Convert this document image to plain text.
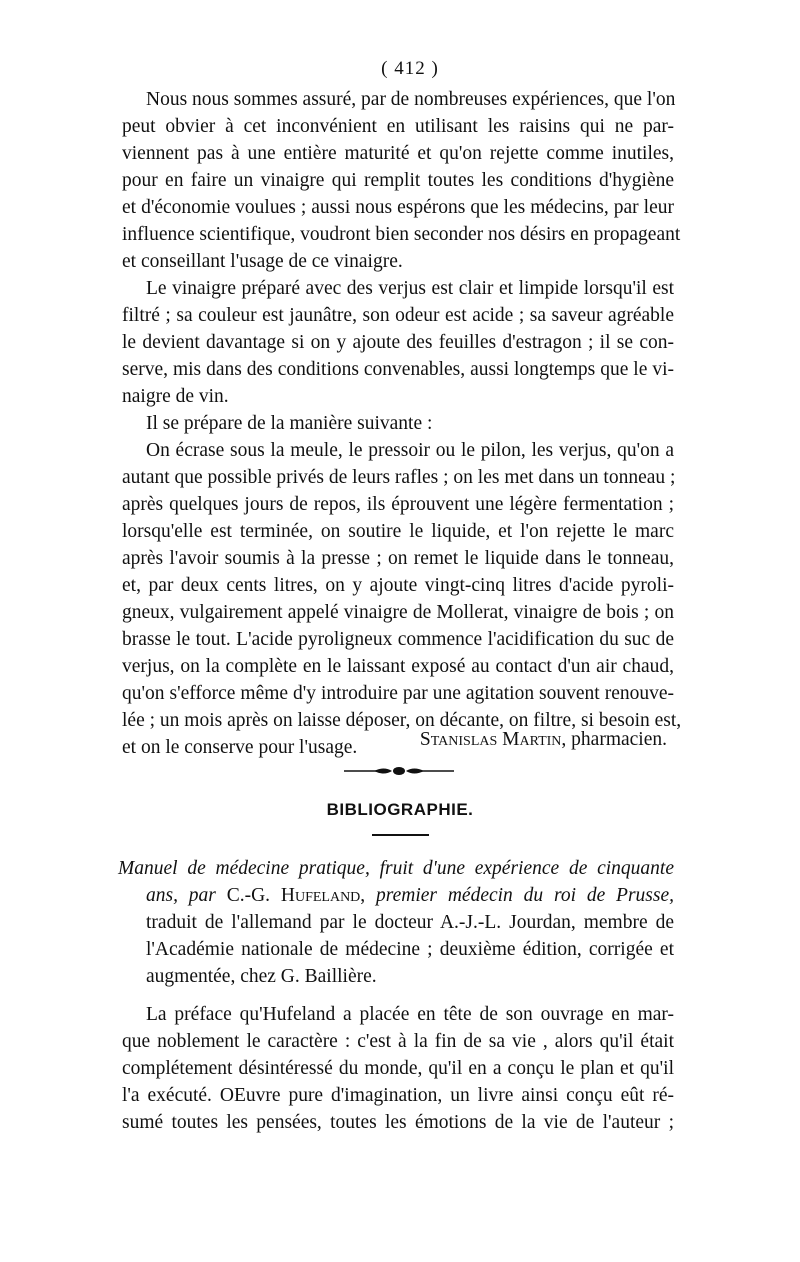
( 412 )
Nous nous sommes assuré, par de nombreuses expériences, que l'on
peut obvier à cet inconvénient en utilisant les raisins qui ne par-
viennent pas à une entière maturité et qu'on rejette comme inutiles,
pour en faire un vinaigre qui remplit toutes les conditions d'hygiène
et d'économie voulues ; aussi nous espérons que les médecins, par leur
influence scientifique, voudront bien seconder nos désirs en propageant
et conseillant l'usage de ce vinaigre.
Le vinaigre préparé avec des verjus est clair et limpide lorsqu'il est
filtré ; sa couleur est jaunâtre, son odeur est acide ; sa saveur agréable
le devient davantage si on y ajoute des feuilles d'estragon ; il se con-
serve, mis dans des conditions convenables, aussi longtemps que le vi-
naigre de vin.
Il se prépare de la manière suivante :
On écrase sous la meule, le pressoir ou le pilon, les verjus, qu'on a
autant que possible privés de leurs rafles ; on les met dans un tonneau ;
après quelques jours de repos, ils éprouvent une légère fermentation ;
lorsqu'elle est terminée, on soutire le liquide, et l'on rejette le marc
après l'avoir soumis à la presse ; on remet le liquide dans le tonneau,
et, par deux cents litres, on y ajoute vingt-cinq litres d'acide pyroli-
gneux, vulgairement appelé vinaigre de Mollerat, vinaigre de bois ; on
brasse le tout. L'acide pyroligneux commence l'acidification du suc de
verjus, on la complète en le laissant exposé au contact d'un air chaud,
qu'on s'efforce même d'y introduire par une agitation souvent renouve-
lée ; un mois après on laisse déposer, on décante, on filtre, si besoin est,
et on le conserve pour l'usage.	Stanislas Martin, pharmacien.
BIBLIOGRAPHIE.
Manuel de médecine pratique, fruit d'une expérience de cinquante
ans, par C.-G. Hufeland, premier médecin du roi de Prusse,
traduit de l'allemand par le docteur A.-J.-L. Jourdan, membre de
l'Académie nationale de médecine ; deuxième édition, corrigée et
augmentée, chez G. Baillière.
La préface qu'Hufeland a placée en tête de son ouvrage en mar-
que noblement le caractère : c'est à la fin de sa vie , alors qu'il était
complétement désintéressé du monde, qu'il en a conçu le plan et qu'il
l'a exécuté. OEuvre pure d'imagination, un livre ainsi conçu eût ré-
sumé toutes les pensées, toutes les émotions de la vie de l'auteur ;
